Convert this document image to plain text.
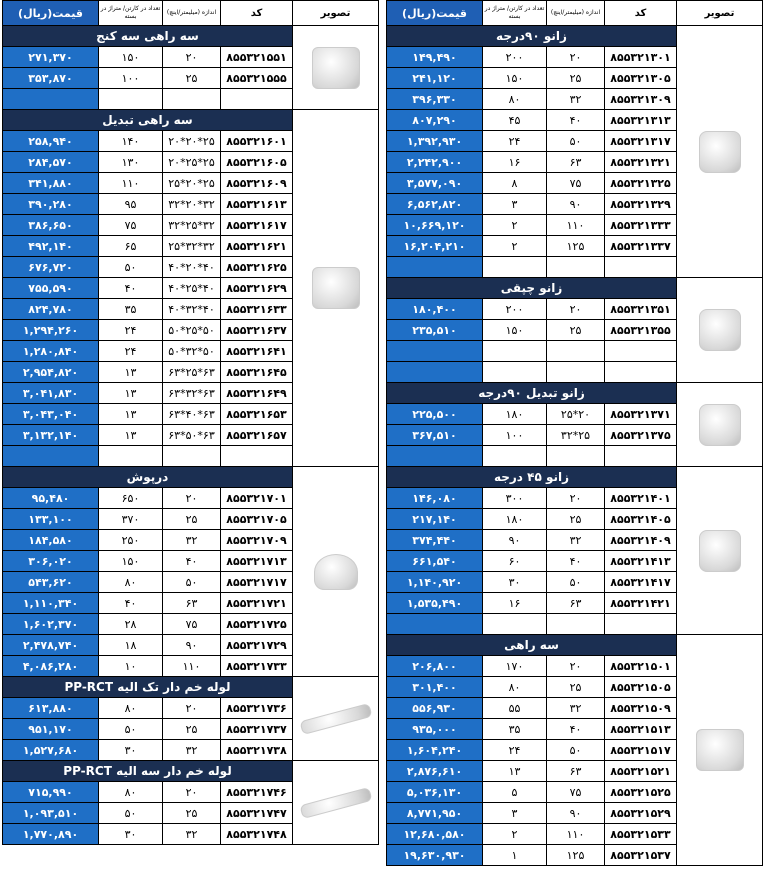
تصویر	کد	اندازه (میلیمتر/اینچ)	تعداد در کارتن/ متراژ در بسته	قیمت(ریال)

	زانو ۹۰درجه			
	۸۵۵۳۲۱۳۰۱	۲۰	۲۰۰	۱۴۹,۴۹۰
	۸۵۵۳۲۱۳۰۵	۲۵	۱۵۰	۲۴۱,۱۲۰
	۸۵۵۳۲۱۳۰۹	۳۲	۸۰	۳۹۶,۳۳۰
	۸۵۵۳۲۱۳۱۳	۴۰	۴۵	۸۰۷,۲۹۰
	۸۵۵۳۲۱۳۱۷	۵۰	۲۴	۱,۳۹۲,۹۳۰
	۸۵۵۳۲۱۳۲۱	۶۳	۱۶	۲,۲۴۲,۹۰۰
	۸۵۵۳۲۱۳۲۵	۷۵	۸	۳,۵۷۷,۰۹۰
	۸۵۵۳۲۱۳۲۹	۹۰	۳	۶,۵۶۲,۸۲۰
	۸۵۵۳۲۱۳۳۳	۱۱۰	۲	۱۰,۶۶۹,۱۲۰
	۸۵۵۳۲۱۳۳۷	۱۲۵	۲	۱۶,۲۰۴,۲۱۰

	زانو چپقی			
	۸۵۵۳۲۱۳۵۱	۲۰	۲۰۰	۱۸۰,۴۰۰
	۸۵۵۳۲۱۳۵۵	۲۵	۱۵۰	۲۳۵,۵۱۰

	زانو تبدیل ۹۰درجه			
	۸۵۵۳۲۱۳۷۱	۲۰*۲۵	۱۸۰	۲۲۵,۵۰۰
	۸۵۵۳۲۱۳۷۵	۲۵*۳۲	۱۰۰	۳۶۷,۵۱۰

	زانو ۴۵ درجه			
	۸۵۵۳۲۱۴۰۱	۲۰	۳۰۰	۱۴۶,۰۸۰
	۸۵۵۳۲۱۴۰۵	۲۵	۱۸۰	۲۱۷,۱۴۰
	۸۵۵۳۲۱۴۰۹	۳۲	۹۰	۳۷۴,۴۴۰
	۸۵۵۳۲۱۴۱۳	۴۰	۶۰	۶۶۱,۵۴۰
	۸۵۵۳۲۱۴۱۷	۵۰	۳۰	۱,۱۴۰,۹۲۰
	۸۵۵۳۲۱۴۲۱	۶۳	۱۶	۱,۵۳۵,۴۹۰

	سه راهی			
	۸۵۵۳۲۱۵۰۱	۲۰	۱۷۰	۲۰۶,۸۰۰
	۸۵۵۳۲۱۵۰۵	۲۵	۸۰	۳۰۱,۴۰۰
	۸۵۵۳۲۱۵۰۹	۳۲	۵۵	۵۵۶,۹۳۰
	۸۵۵۳۲۱۵۱۳	۴۰	۳۵	۹۳۵,۰۰۰
	۸۵۵۳۲۱۵۱۷	۵۰	۲۴	۱,۶۰۴,۲۴۰
	۸۵۵۳۲۱۵۲۱	۶۳	۱۳	۲,۸۷۶,۶۱۰
	۸۵۵۳۲۱۵۲۵	۷۵	۵	۵,۰۳۶,۱۳۰
	۸۵۵۳۲۱۵۲۹	۹۰	۳	۸,۷۷۱,۹۵۰
	۸۵۵۳۲۱۵۳۳	۱۱۰	۲	۱۲,۶۸۰,۵۸۰
	۸۵۵۳۲۱۵۳۷	۱۲۵	۱	۱۹,۶۳۰,۹۳۰
تصویر	کد	اندازه (میلیمتر/اینچ)	تعداد در کارتن/ متراژ در بسته	قیمت(ریال)

	سه راهی سه کنج			
	۸۵۵۳۲۱۵۵۱	۲۰	۱۵۰	۲۷۱,۳۷۰
	۸۵۵۳۲۱۵۵۵	۲۵	۱۰۰	۳۵۳,۸۷۰

	سه راهی تبدیل			
	۸۵۵۳۲۱۶۰۱	۲۵*۲۰*۲۰	۱۴۰	۲۵۸,۹۴۰
	۸۵۵۳۲۱۶۰۵	۲۵*۲۵*۲۰	۱۳۰	۲۸۴,۵۷۰
	۸۵۵۳۲۱۶۰۹	۲۵*۲۰*۲۵	۱۱۰	۳۴۱,۸۸۰
	۸۵۵۳۲۱۶۱۳	۳۲*۲۰*۳۲	۹۵	۳۹۰,۲۸۰
	۸۵۵۳۲۱۶۱۷	۳۲*۲۵*۳۲	۷۵	۳۸۶,۶۵۰
	۸۵۵۳۲۱۶۲۱	۳۲*۳۲*۲۵	۶۵	۴۹۲,۱۴۰
	۸۵۵۳۲۱۶۲۵	۴۰*۲۰*۴۰	۵۰	۶۷۶,۷۲۰
	۸۵۵۳۲۱۶۲۹	۴۰*۲۵*۴۰	۴۰	۷۵۵,۵۹۰
	۸۵۵۳۲۱۶۳۳	۴۰*۳۲*۴۰	۳۵	۸۲۴,۷۸۰
	۸۵۵۳۲۱۶۳۷	۵۰*۲۵*۵۰	۲۴	۱,۲۹۴,۲۶۰
	۸۵۵۳۲۱۶۴۱	۵۰*۳۲*۵۰	۲۴	۱,۲۸۰,۸۴۰
	۸۵۵۳۲۱۶۴۵	۶۳*۲۵*۶۳	۱۳	۲,۹۵۴,۸۲۰
	۸۵۵۳۲۱۶۴۹	۶۳*۳۲*۶۳	۱۳	۳,۰۴۱,۸۳۰
	۸۵۵۳۲۱۶۵۳	۶۳*۴۰*۶۳	۱۳	۳,۰۴۳,۰۴۰
	۸۵۵۳۲۱۶۵۷	۶۳*۵۰*۶۳	۱۳	۳,۱۳۲,۱۴۰

	درپوش			
	۸۵۵۳۲۱۷۰۱	۲۰	۶۵۰	۹۵,۴۸۰
	۸۵۵۳۲۱۷۰۵	۲۵	۳۷۰	۱۳۳,۱۰۰
	۸۵۵۳۲۱۷۰۹	۳۲	۲۵۰	۱۸۴,۵۸۰
	۸۵۵۳۲۱۷۱۳	۴۰	۱۵۰	۳۰۶,۰۲۰
	۸۵۵۳۲۱۷۱۷	۵۰	۸۰	۵۴۳,۶۲۰
	۸۵۵۳۲۱۷۲۱	۶۳	۴۰	۱,۱۱۰,۳۴۰
	۸۵۵۳۲۱۷۲۵	۷۵	۲۸	۱,۶۰۲,۳۷۰
	۸۵۵۳۲۱۷۲۹	۹۰	۱۸	۲,۴۷۸,۷۴۰
	۸۵۵۳۲۱۷۳۳	۱۱۰	۱۰	۴,۰۸۶,۲۸۰

	لوله خم دار تک الیه PP-RCT			
	۸۵۵۳۲۱۷۳۶	۲۰	۸۰	۶۱۳,۸۸۰
	۸۵۵۳۲۱۷۳۷	۲۵	۵۰	۹۵۱,۱۷۰
	۸۵۵۳۲۱۷۳۸	۳۲	۳۰	۱,۵۲۷,۶۸۰

	لوله خم دار سه الیه PP-RCT			
	۸۵۵۳۲۱۷۴۶	۲۰	۸۰	۷۱۵,۹۹۰
	۸۵۵۳۲۱۷۴۷	۲۵	۵۰	۱,۰۹۳,۵۱۰
	۸۵۵۳۲۱۷۴۸	۳۲	۳۰	۱,۷۷۰,۸۹۰
